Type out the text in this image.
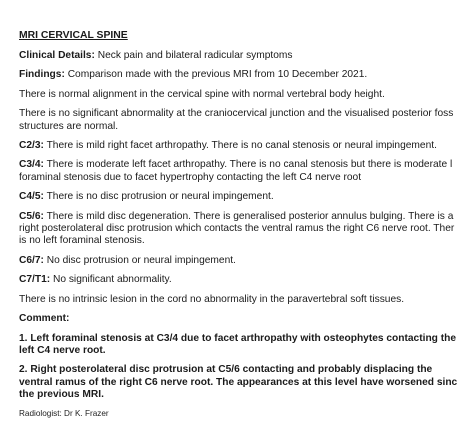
MRI CERVICAL SPINE
Clinical Details: Neck pain and bilateral radicular symptoms
Findings: Comparison made with the previous MRI from 10 December 2021.
There is normal alignment in the cervical spine with normal vertebral body height.
There is no significant abnormality at the craniocervical junction and the visualised posterior foss
structures are normal.
C2/3: There is mild right facet arthropathy. There is no canal stenosis or neural impingement.
C3/4: There is moderate left facet arthropathy. There is no canal stenosis but there is moderate l
foraminal stenosis due to facet hypertrophy contacting the left C4 nerve root
C4/5: There is no disc protrusion or neural impingement.
C5/6: There is mild disc degeneration. There is generalised posterior annulus bulging. There is a
right posterolateral disc protrusion which contacts the ventral ramus the right C6 nerve root. Ther
is no left foraminal stenosis.
C6/7: No disc protrusion or neural impingement.
C7/T1: No significant abnormality.
There is no intrinsic lesion in the cord no abnormality in the paravertebral soft tissues.
Comment:
1. Left foraminal stenosis at C3/4 due to facet arthropathy with osteophytes contacting the
left C4 nerve root.
2. Right posterolateral disc protrusion at C5/6 contacting and probably displacing the
ventral ramus of the right C6 nerve root. The appearances at this level have worsened sinc
the previous MRI.
Radiologist: Dr K. Frazer
